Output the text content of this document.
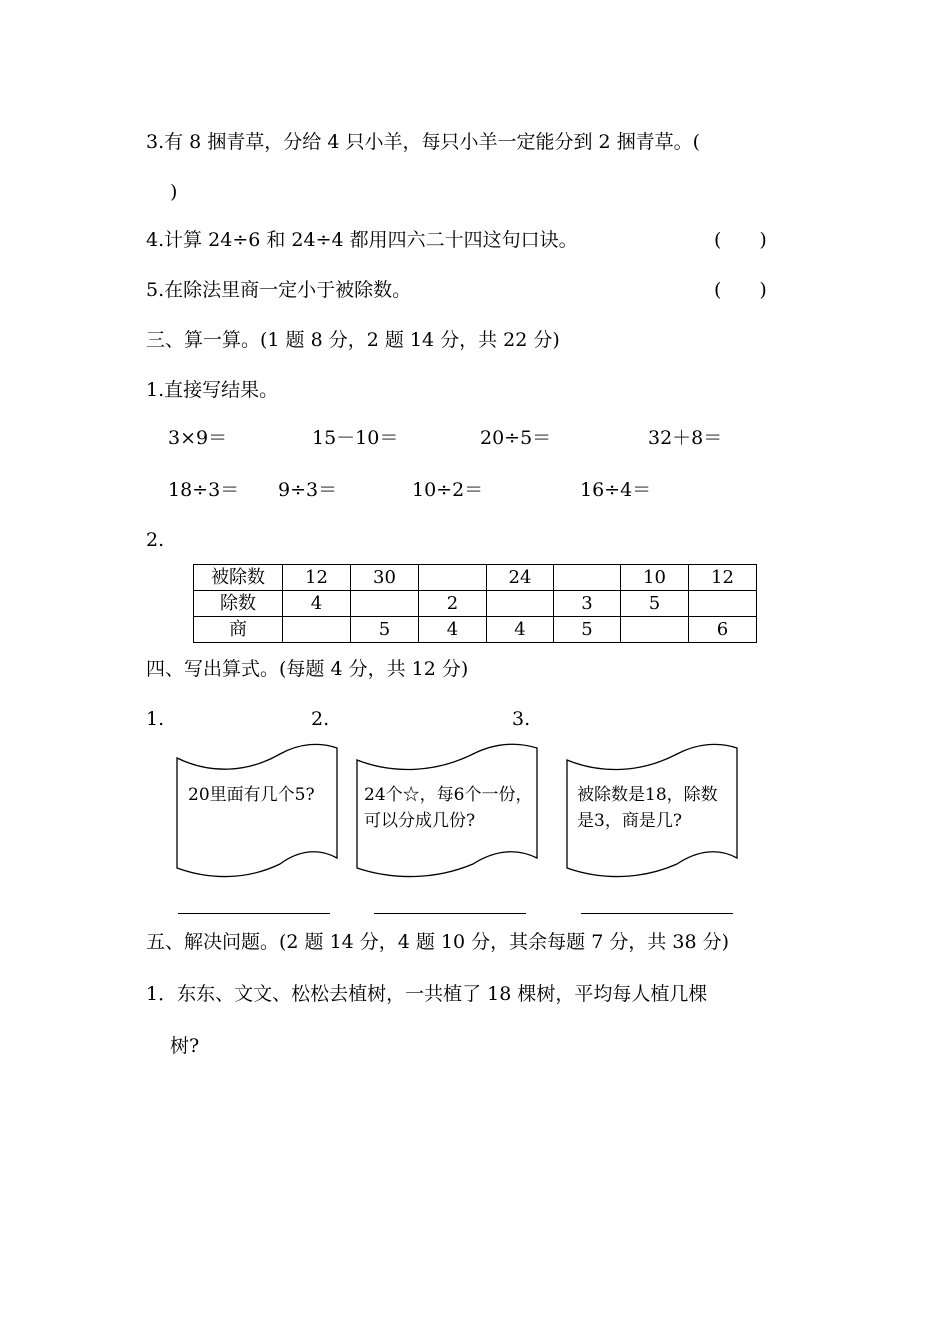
3.有 8 捆青草，分给 4 只小羊，每只小羊一定能分到 2 捆青草。(
)
4.计算 24÷6 和 24÷4 都用四六二十四这句口诀。	(　　)
5.在除法里商一定小于被除数。	(　　)
三、算一算。(1 题 8 分，2 题 14 分，共 22 分)
1.直接写结果。
3×9＝	15－10＝	20÷5＝	32＋8＝
18÷3＝ 9÷3＝	10÷2＝	16÷4＝
2.
被除数	12	30		24		10	12
除数	4		2		3	5	
商		5	4	4	5		6
四、写出算式。(每题 4 分，共 12 分)
1.	2.	3.
20里面有几个5?	24个☆，每6个一份，
可以分成几份?
被除数是18，除数
是3，商是几?
五、解决问题。(2 题 14 分，4 题 10 分，其余每题 7 分，共 38 分)
1．东东、文文、松松去植树，一共植了 18 棵树，平均每人植几棵
树?
